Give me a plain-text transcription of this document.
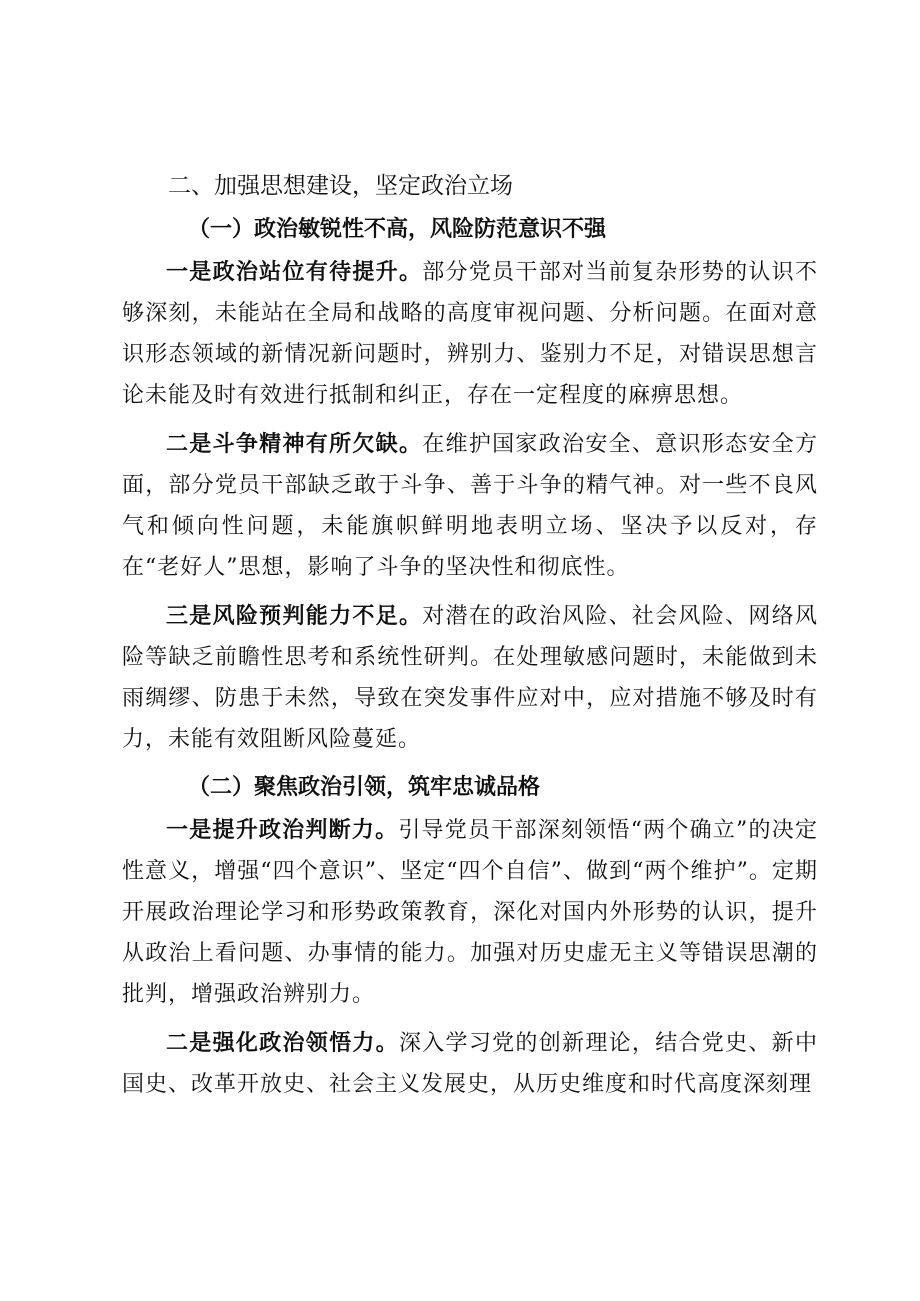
二、加强思想建设，坚定政治立场
（一）政治敏锐性不高，风险防范意识不强

一是政治站位有待提升。部分党员干部对当前复杂形势的认识不够深刻，未能站在全局和战略的高度审视问题、分析问题。在面对意识形态领域的新情况新问题时，辨别力、鉴别力不足，对错误思想言论未能及时有效进行抵制和纠正，存在一定程度的麻痹思想。

二是斗争精神有所欠缺。在维护国家政治安全、意识形态安全方面，部分党员干部缺乏敢于斗争、善于斗争的精气神。对一些不良风气和倾向性问题，未能旗帜鲜明地表明立场、坚决予以反对，存在“老好人”思想，影响了斗争的坚决性和彻底性。

三是风险预判能力不足。对潜在的政治风险、社会风险、网络风险等缺乏前瞻性思考和系统性研判。在处理敏感问题时，未能做到未雨绸缪、防患于未然，导致在突发事件应对中，应对措施不够及时有力，未能有效阻断风险蔓延。

（二）聚焦政治引领，筑牢忠诚品格

一是提升政治判断力。引导党员干部深刻领悟“两个确立”的决定性意义，增强“四个意识”、坚定“四个自信”、做到“两个维护”。定期开展政治理论学习和形势政策教育，深化对国内外形势的认识，提升从政治上看问题、办事情的能力。加强对历史虚无主义等错误思潮的批判，增强政治辨别力。

二是强化政治领悟力。深入学习党的创新理论，结合党史、新中国史、改革开放史、社会主义发展史，从历史维度和时代高度深刻理
